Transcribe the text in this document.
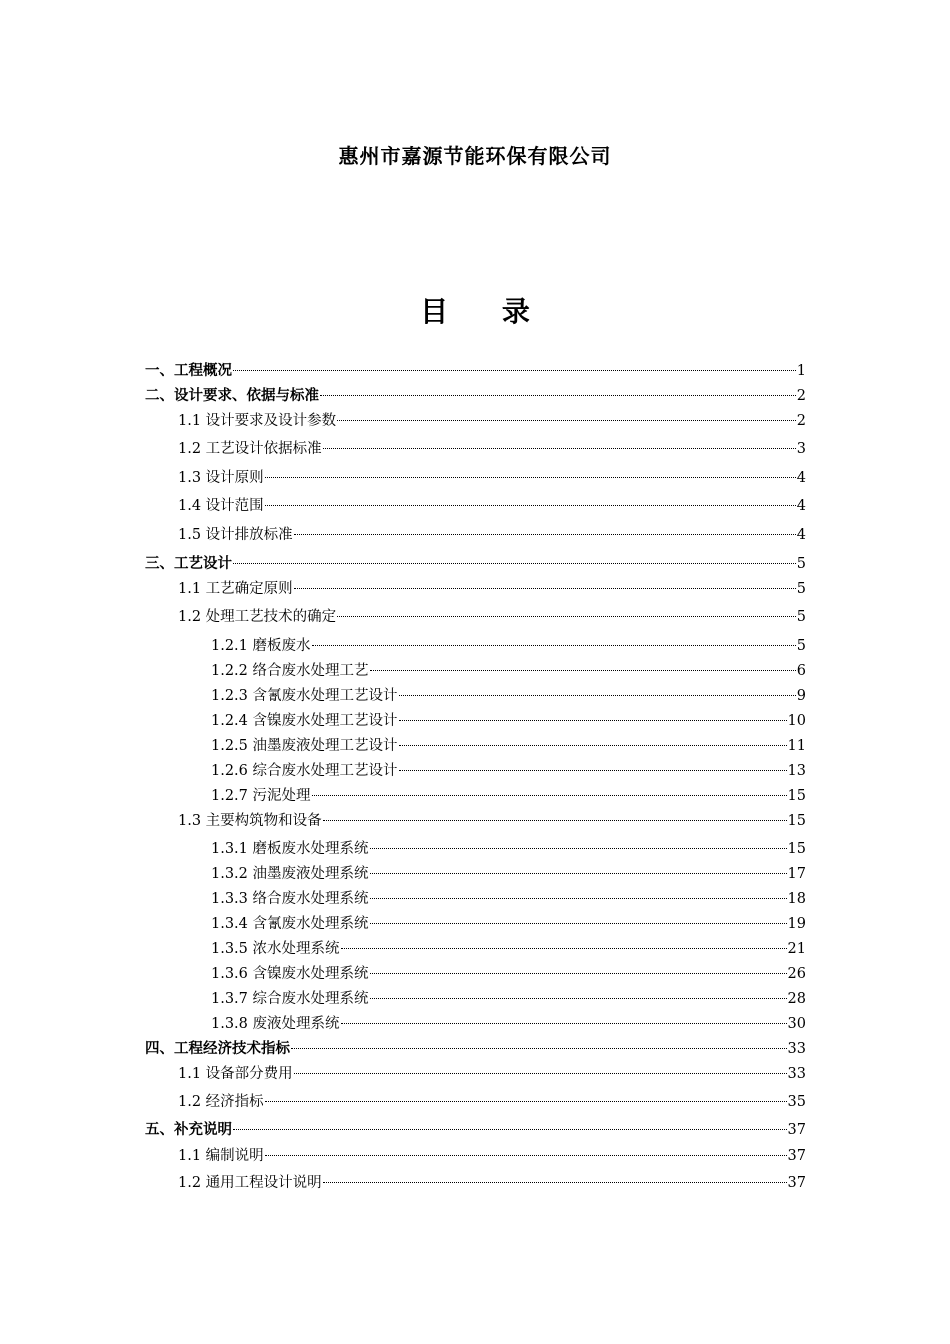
惠州市嘉源节能环保有限公司
目 录
一、工程概况	1
二、设计要求、依据与标准	2
1.1 设计要求及设计参数	2
1.2 工艺设计依据标准	3
1.3 设计原则	4
1.4 设计范围	4
1.5 设计排放标准	4
三、工艺设计	5
1.1 工艺确定原则	5
1.2 处理工艺技术的确定	5
1.2.1 磨板废水	5
1.2.2 络合废水处理工艺	6
1.2.3 含氰废水处理工艺设计	9
1.2.4 含镍废水处理工艺设计	10
1.2.5 油墨废液处理工艺设计	11
1.2.6 综合废水处理工艺设计	13
1.2.7 污泥处理	15
1.3 主要构筑物和设备	15
1.3.1 磨板废水处理系统	15
1.3.2 油墨废液处理系统	17
1.3.3 络合废水处理系统	18
1.3.4 含氰废水处理系统	19
1.3.5 浓水处理系统	21
1.3.6 含镍废水处理系统	26
1.3.7 综合废水处理系统	28
1.3.8 废液处理系统	30
四、工程经济技术指标	33
1.1 设备部分费用	33
1.2 经济指标	35
五、补充说明	37
1.1 编制说明	37
1.2 通用工程设计说明	37
